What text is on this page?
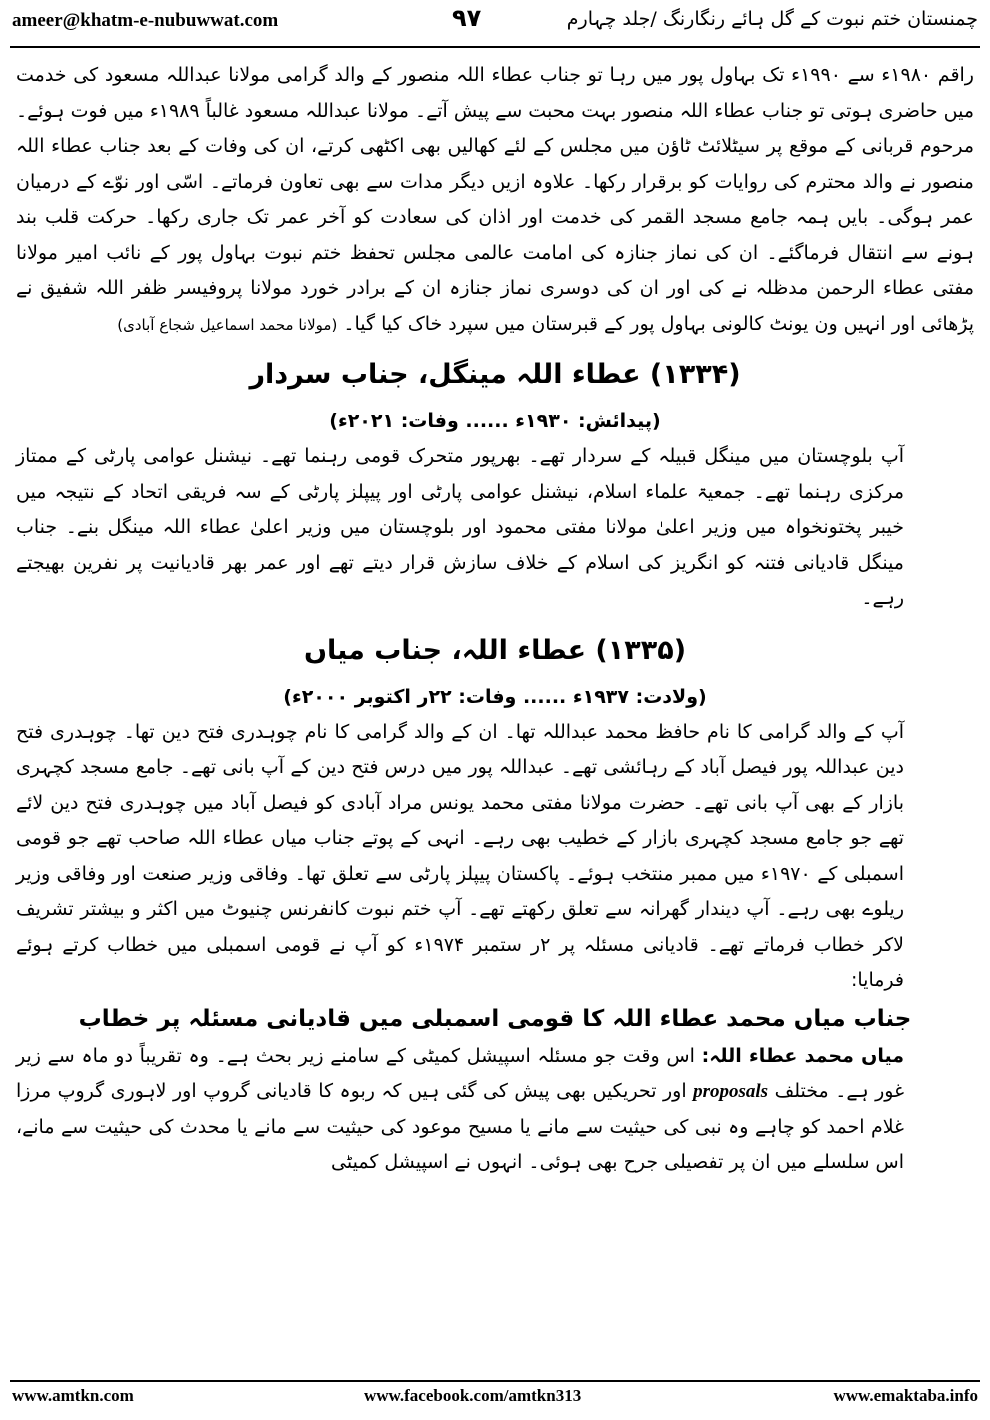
ameer@khatm-e-nubuwwat.com	۹۷	چمنستان ختم نبوت کے گل ہائے رنگارنگ /جلد چہارم

راقم ۱۹۸۰ء سے ۱۹۹۰ء تک بہاول پور میں رہا تو جناب عطاء اللہ منصور کے والد گرامی مولانا عبداللہ مسعود کی خدمت میں حاضری ہوتی تو جناب عطاء اللہ منصور بہت محبت سے پیش آتے۔ مولانا عبداللہ مسعود غالباً ۱۹۸۹ء میں فوت ہوئے۔ مرحوم قربانی کے موقع پر سیٹلائٹ ٹاؤن میں مجلس کے لئے کھالیں بھی اکٹھی کرتے، ان کی وفات کے بعد جناب عطاء اللہ منصور نے والد محترم کی روایات کو برقرار رکھا۔ علاوہ ازیں دیگر مدات سے بھی تعاون فرماتے۔ اسّی اور نوّے کے درمیان عمر ہوگی۔ بایں ہمہ جامع مسجد القمر کی خدمت اور اذان کی سعادت کو آخر عمر تک جاری رکھا۔ حرکت قلب بند ہونے سے انتقال فرماگئے۔ ان کی نماز جنازہ کی امامت عالمی مجلس تحفظ ختم نبوت بہاول پور کے نائب امیر مولانا مفتی عطاء الرحمن مدظلہ نے کی اور ان کی دوسری نماز جنازہ ان کے برادر خورد مولانا پروفیسر ظفر اللہ شفیق نے پڑھائی اور انہیں ون یونٹ کالونی بہاول پور کے قبرستان میں سپرد خاک کیا گیا۔ (مولانا محمد اسماعیل شجاع آبادی)

(۱۳۳۴) عطاء اللہ مینگل، جناب سردار
(پیدائش: ۱۹۳۰ء ...... وفات: ۲۰۲۱ء)

آپ بلوچستان میں مینگل قبیلہ کے سردار تھے۔ بھرپور متحرک قومی رہنما تھے۔ نیشنل عوامی پارٹی کے ممتاز مرکزی رہنما تھے۔ جمعیۃ علماء اسلام، نیشنل عوامی پارٹی اور پیپلز پارٹی کے سہ فریقی اتحاد کے نتیجہ میں خیبر پختونخواہ میں وزیر اعلیٰ مولانا مفتی محمود اور بلوچستان میں وزیر اعلیٰ عطاء اللہ مینگل بنے۔ جناب مینگل قادیانی فتنہ کو انگریز کی اسلام کے خلاف سازش قرار دیتے تھے اور عمر بھر قادیانیت پر نفرین بھیجتے رہے۔

(۱۳۳۵) عطاء اللہ، جناب میاں
(ولادت: ۱۹۳۷ء ...... وفات: ۲۲ر اکتوبر ۲۰۰۰ء)

آپ کے والد گرامی کا نام حافظ محمد عبداللہ تھا۔ ان کے والد گرامی کا نام چوہدری فتح دین تھا۔ چوہدری فتح دین عبداللہ پور فیصل آباد کے رہائشی تھے۔ عبداللہ پور میں درس فتح دین کے آپ بانی تھے۔ جامع مسجد کچہری بازار کے بھی آپ بانی تھے۔ حضرت مولانا مفتی محمد یونس مراد آبادی کو فیصل آباد میں چوہدری فتح دین لائے تھے جو جامع مسجد کچہری بازار کے خطیب بھی رہے۔ انہی کے پوتے جناب میاں عطاء اللہ صاحب تھے جو قومی اسمبلی کے ۱۹۷۰ء میں ممبر منتخب ہوئے۔ پاکستان پیپلز پارٹی سے تعلق تھا۔ وفاقی وزیر صنعت اور وفاقی وزیر ریلوے بھی رہے۔ آپ دیندار گھرانہ سے تعلق رکھتے تھے۔ آپ ختم نبوت کانفرنس چنیوٹ میں اکثر و بیشتر تشریف لاکر خطاب فرماتے تھے۔ قادیانی مسئلہ پر ۲ر ستمبر ۱۹۷۴ء کو آپ نے قومی اسمبلی میں خطاب کرتے ہوئے فرمایا:

جناب میاں محمد عطاء اللہ کا قومی اسمبلی میں قادیانی مسئلہ پر خطاب

میاں محمد عطاء اللہ: اس وقت جو مسئلہ اسپیشل کمیٹی کے سامنے زیر بحث ہے۔ وہ تقریباً دو ماہ سے زیر غور ہے۔ مختلف proposals اور تحریکیں بھی پیش کی گئی ہیں کہ ربوہ کا قادیانی گروپ اور لاہوری گروپ مرزا غلام احمد کو چاہے وہ نبی کی حیثیت سے مانے یا مسیح موعود کی حیثیت سے مانے یا محدث کی حیثیت سے مانے، اس سلسلے میں ان پر تفصیلی جرح بھی ہوئی۔ انہوں نے اسپیشل کمیٹی

www.amtkn.com	www.facebook.com/amtkn313	www.emaktaba.info
